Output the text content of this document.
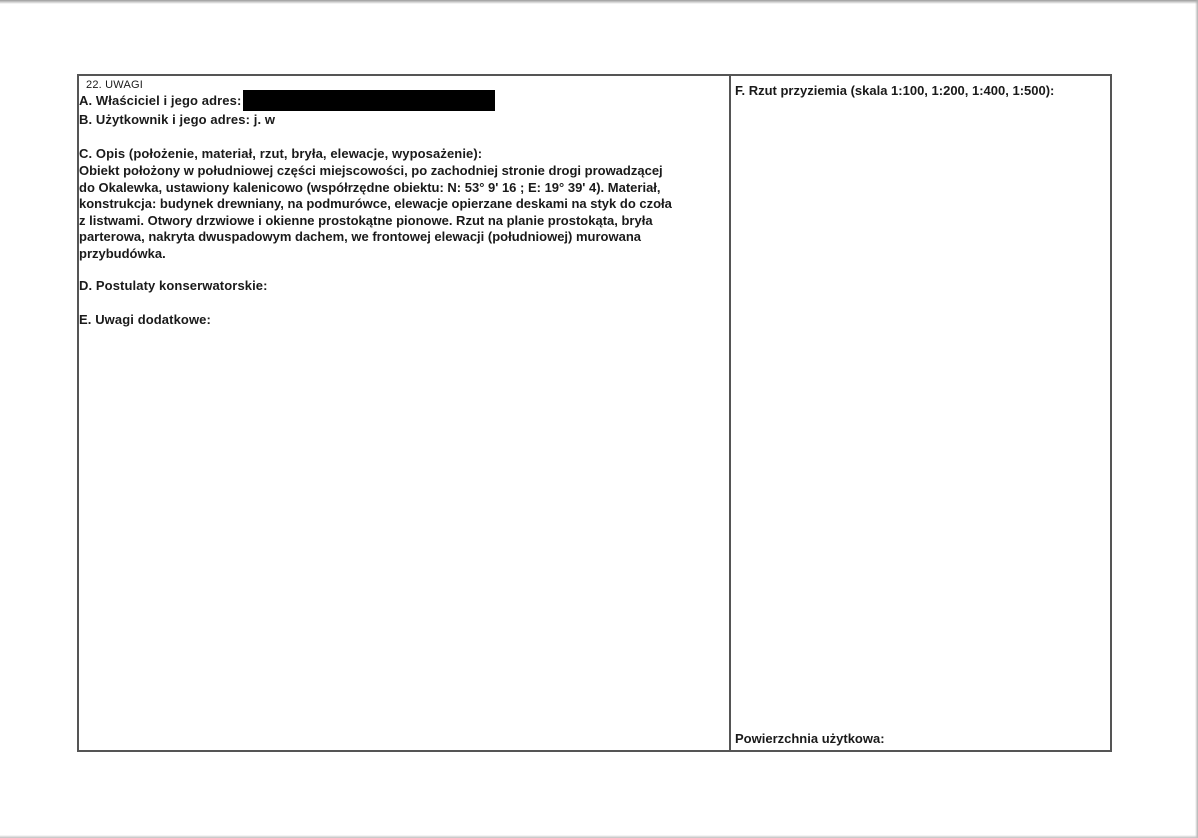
22. UWAGI
A. Właściciel i jego adres:
B. Użytkownik i jego adres: j. w
C. Opis (położenie, materiał, rzut, bryła, elewacje, wyposażenie):
Obiekt położony w południowej części miejscowości, po zachodniej stronie drogi prowadzącej
do Okalewka, ustawiony kalenicowo (współrzędne obiektu: N: 53° 9' 16 ; E: 19° 39' 4). Materiał,
konstrukcja: budynek drewniany, na podmurówce, elewacje opierzane deskami na styk do czoła
z listwami. Otwory drzwiowe i okienne prostokątne pionowe. Rzut na planie prostokąta, bryła
parterowa, nakryta dwuspadowym dachem, we frontowej elewacji (południowej) murowana
przybudówka.
D. Postulaty konserwatorskie:
E. Uwagi dodatkowe:
F. Rzut przyziemia (skala 1:100, 1:200, 1:400, 1:500):
Powierzchnia użytkowa:
